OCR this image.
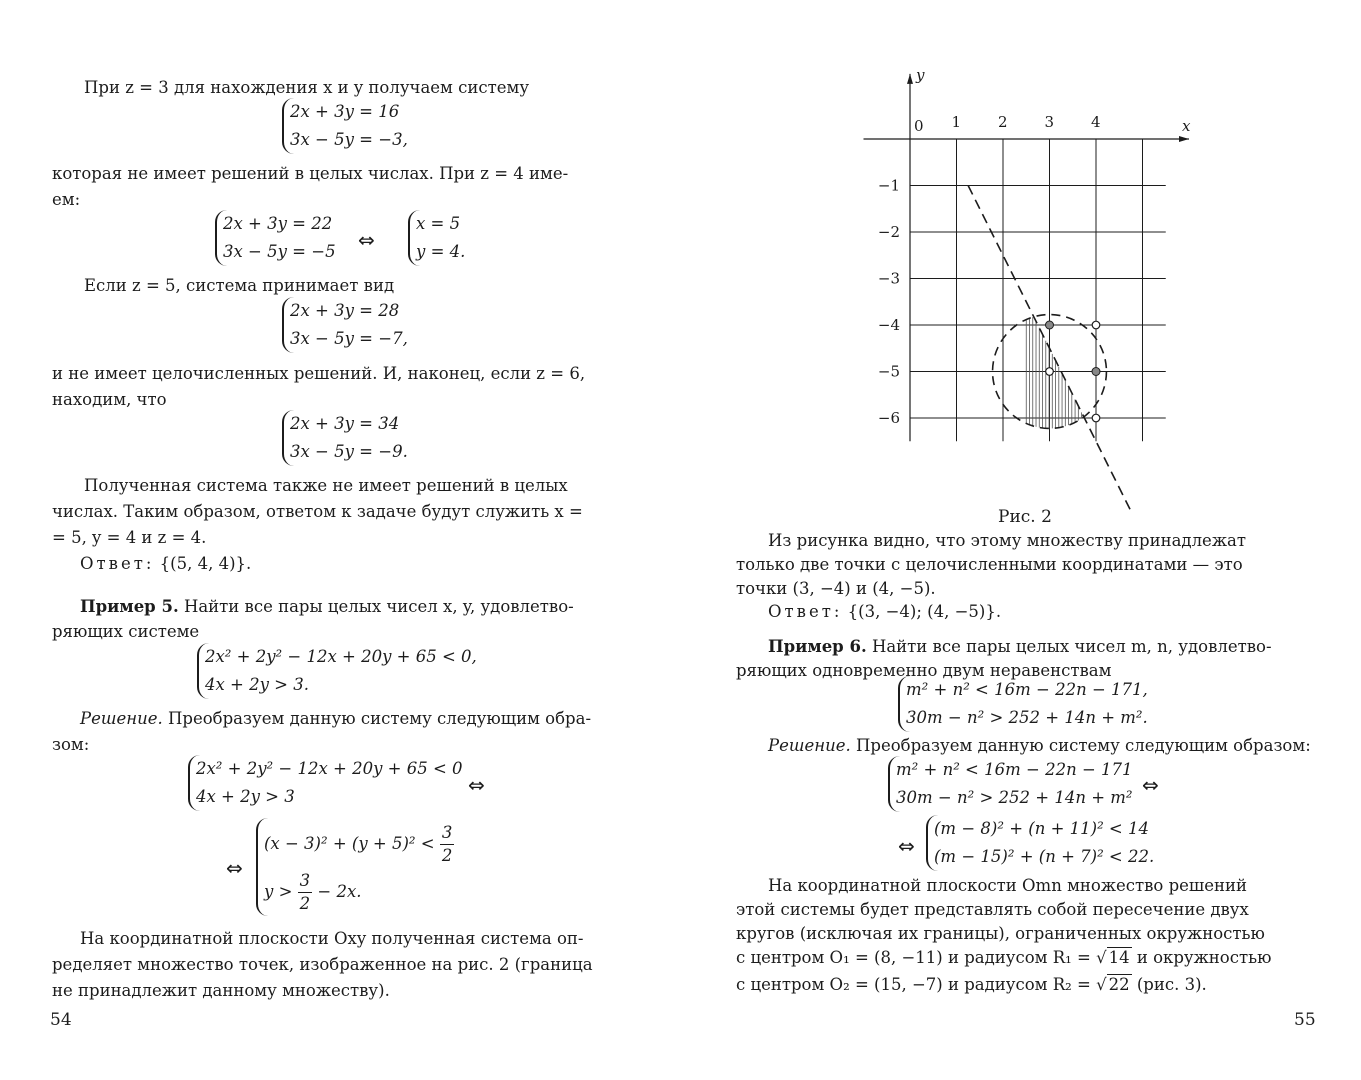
При z = 3 для нахождения x и y получаем систему
2x + 3y = 16
3x − 5y = −3,
которая не имеет решений в целых числах. При z = 4 име-
ем:
2x + 3y = 22
3x − 5y = −5 ⇔
x = 5
y = 4.
Если z = 5, система принимает вид
2x + 3y = 28
3x − 5y = −7,
и не имеет целочисленных решений. И, наконец, если z = 6,
находим, что
2x + 3y = 34
3x − 5y = −9.
Полученная система также не имеет решений в целых
числах. Таким образом, ответом к задаче будут служить x =
= 5, y = 4 и z = 4.
Ответ: {(5, 4, 4)}.
Пример 5. Найти все пары целых чисел x, y, удовлетво-
ряющих системе
2x² + 2y² − 12x + 20y + 65 < 0,
4x + 2y > 3.
Решение. Преобразуем данную систему следующим обра-
зом:
2x² + 2y² − 12x + 20y + 65 < 0
4x + 2y > 3	⇔
⇔
$(x - 3)^2 + (y + 5)^2 < \frac{3}{2}$
$y > \frac{3}{2} - 2x$.
На координатной плоскости Oxy полученная система оп-
ределяет множество точек, изображенное на рис. 2 (граница
не принадлежит данному множеству).
54
x
y
0 1 2 3 4
−1
−2
−3
−4
−5
−6
Рис. 2
Из рисунка видно, что этому множеству принадлежат
только две точки с целочисленными координатами — это
точки (3, −4) и (4, −5).
Ответ: {(3, −4); (4, −5)}.
Пример 6. Найти все пары целых чисел m, n, удовлетво-
ряющих одновременно двум неравенствам
m² + n² < 16m − 22n − 171,
30m − n² > 252 + 14n + m².
Решение. Преобразуем данную систему следующим образом:
m² + n² < 16m − 22n − 171
30m − n² > 252 + 14n + m²
⇔
⇔
(m − 8)² + (n + 11)² < 14
(m − 15)² + (n + 7)² < 22.
На координатной плоскости Omn множество решений
этой системы будет представлять собой пересечение двух
кругов (исключая их границы), ограниченных окружностью
с центром O₁ = (8, −11) и радиусом R₁ = √ 14 и окружностью
с центром O₂ = (15, −7) и радиусом R₂ = √ 22 (рис. 3).
55
